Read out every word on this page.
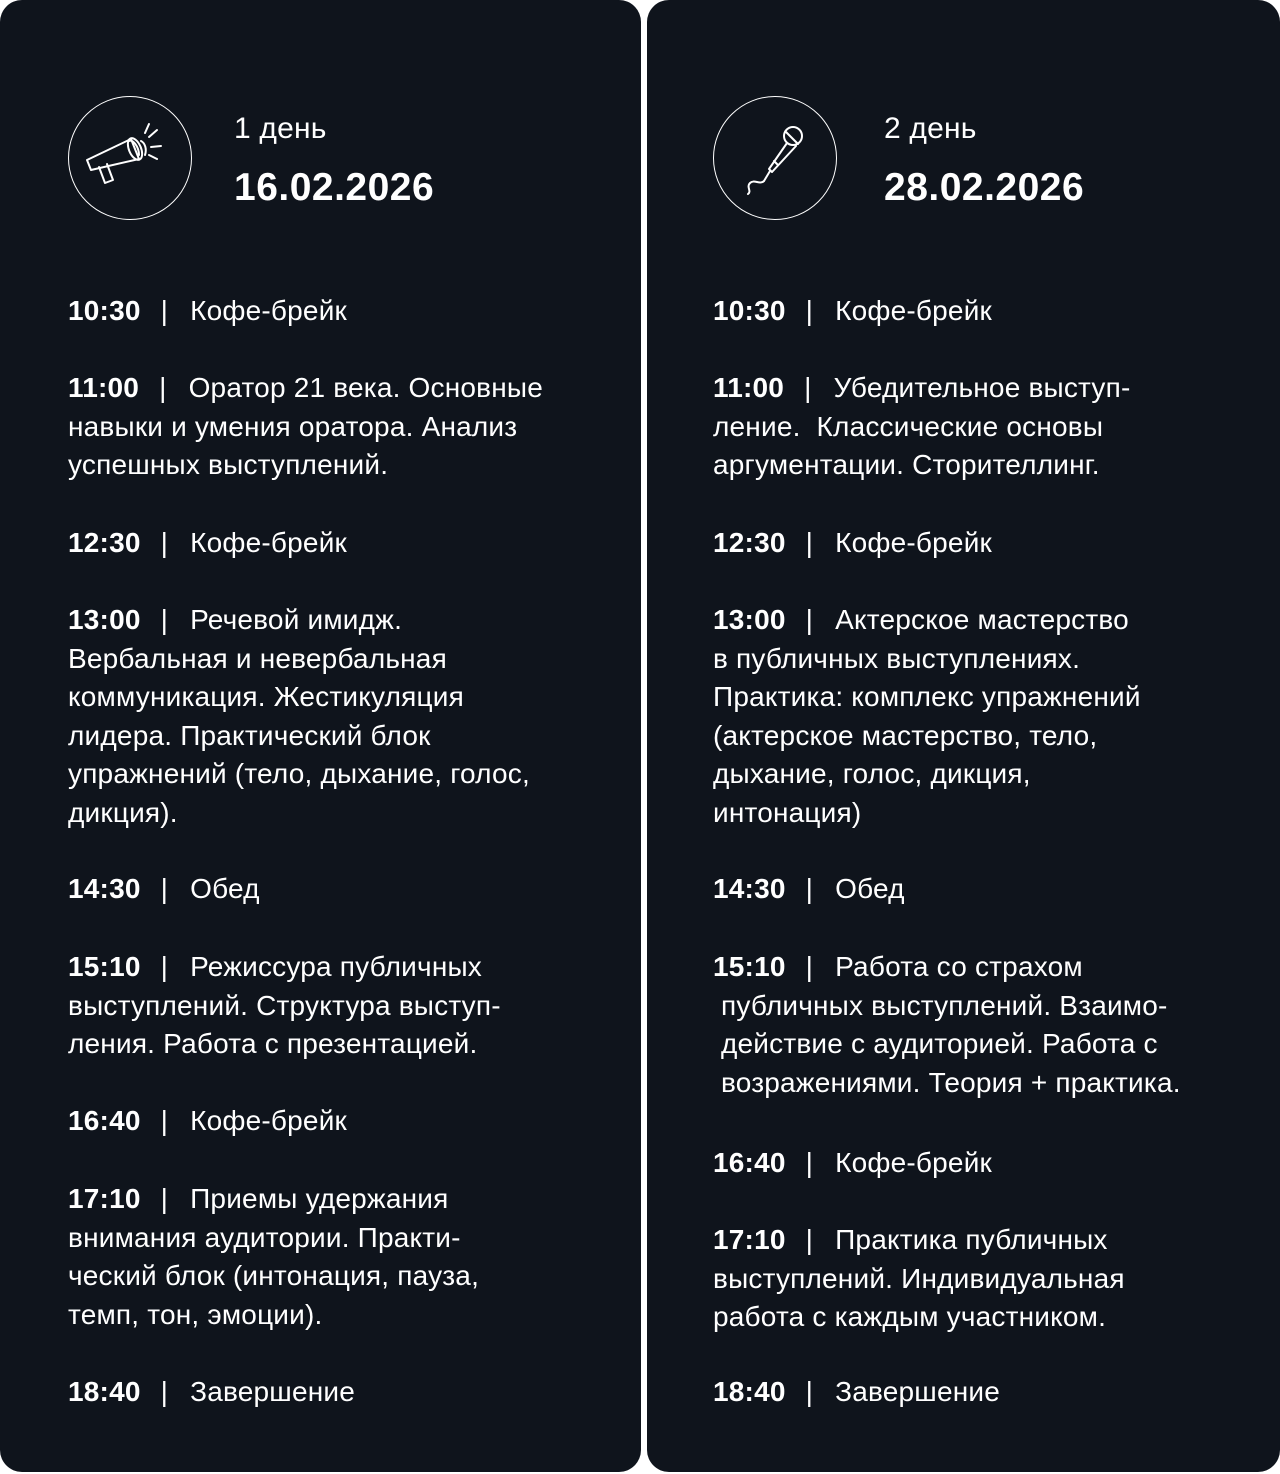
1 день
16.02.2026
10:30 | Кофе-брейк
11:00 | Оратор 21 века. Основные
навыки и умения оратора. Анализ
успешных выступлений.
12:30 | Кофе-брейк
13:00 | Речевой имидж.
Вербальная и невербальная
коммуникация. Жестикуляция
лидера. Практический блок
упражнений (тело, дыхание, голос,
дикция).
14:30 | Обед
15:10 | Режиссура публичных
выступлений. Структура выступ-
ления. Работа с презентацией.
16:40 | Кофе-брейк
17:10 | Приемы удержания
внимания аудитории. Практи-
ческий блок (интонация, пауза,
темп, тон, эмоции).
18:40 | Завершение
2 день
28.02.2026
10:30 | Кофе-брейк
11:00 | Убедительное выступ-
ление.  Классические основы
аргументации. Сторителлинг.
12:30 | Кофе-брейк
13:00 | Актерское мастерство
в публичных выступлениях.
Практика: комплекс упражнений
(актерское мастерство, тело,
дыхание, голос, дикция,
интонация)
14:30 | Обед
15:10 | Работа со страхом
публичных выступлений. Взаимо-
действие с аудиторией. Работа с
возражениями. Теория + практика.
16:40 | Кофе-брейк
17:10 | Практика публичных
выступлений. Индивидуальная
работа с каждым участником.
18:40 | Завершение
